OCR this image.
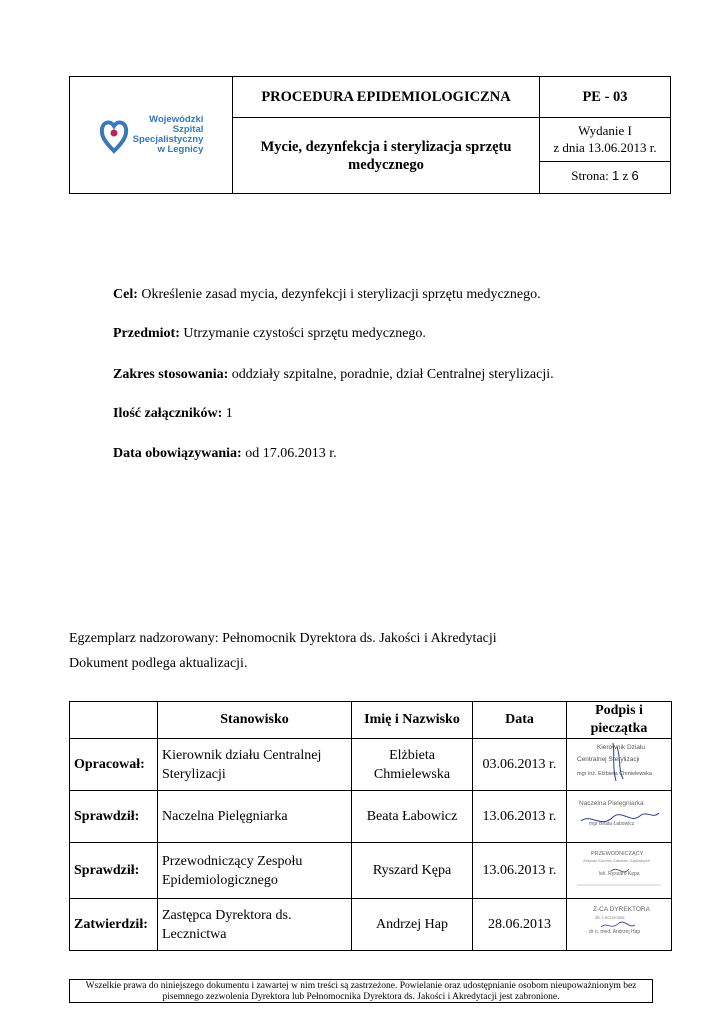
Wojewódzki
Szpital
Specjalistyczny
w Legnicy	PROCEDURA EPIDEMIOLOGICZNA	PE - 03

	Mycie, dezynfekcja i sterylizacja sprzętu medycznego	Wydanie I
z dnia 13.06.2013 r.
Strona: 1 z 6
Cel: Określenie zasad mycia, dezynfekcji i sterylizacji sprzętu medycznego.
Przedmiot: Utrzymanie czystości sprzętu medycznego.
Zakres stosowania: oddziały szpitalne, poradnie, dział Centralnej sterylizacji.
Ilość załączników: 1
Data obowiązywania: od 17.06.2013 r.
Egzemplarz nadzorowany: Pełnomocnik Dyrektora ds. Jakości i Akredytacji
Dokument podlega aktualizacji.
	Stanowisko	Imię i Nazwisko	Data	Podpis i pieczątka
Opracował:	Kierownik działu Centralnej Sterylizacji	Elżbieta Chmielewska	03.06.2013 r.	Kierownik Działu
Centralnej Sterylizacji
mgr inż. Elżbieta Chmielewska

Sprawdził:	Naczelna Pielęgniarka	Beata Łabowicz	13.06.2013 r.	Naczelna Pielęgniarka
mgr Beata Łabowicz

Sprawdził:	Przewodniczący Zespołu Epidemiologicznego	Ryszard Kępa	13.06.2013 r.	PRZEWODNICZĄCY
Zespołu Kontroli Zakażeń Szpitalnych
lek. Ryszard Kępa

Zatwierdził:	Zastępca Dyrektora ds. Lecznictwa	Andrzej Hap	28.06.2013	Z-CA DYREKTORA
ds. Lecznictwa
dr n. med. Andrzej Hap
Wszelkie prawa do niniejszego dokumentu i zawartej w nim treści są zastrzeżone. Powielanie oraz udostępnianie osobom nieupoważnionym bez
pisemnego zezwolenia Dyrektora lub Pełnomocnika Dyrektora ds. Jakości i Akredytacji jest zabronione.
